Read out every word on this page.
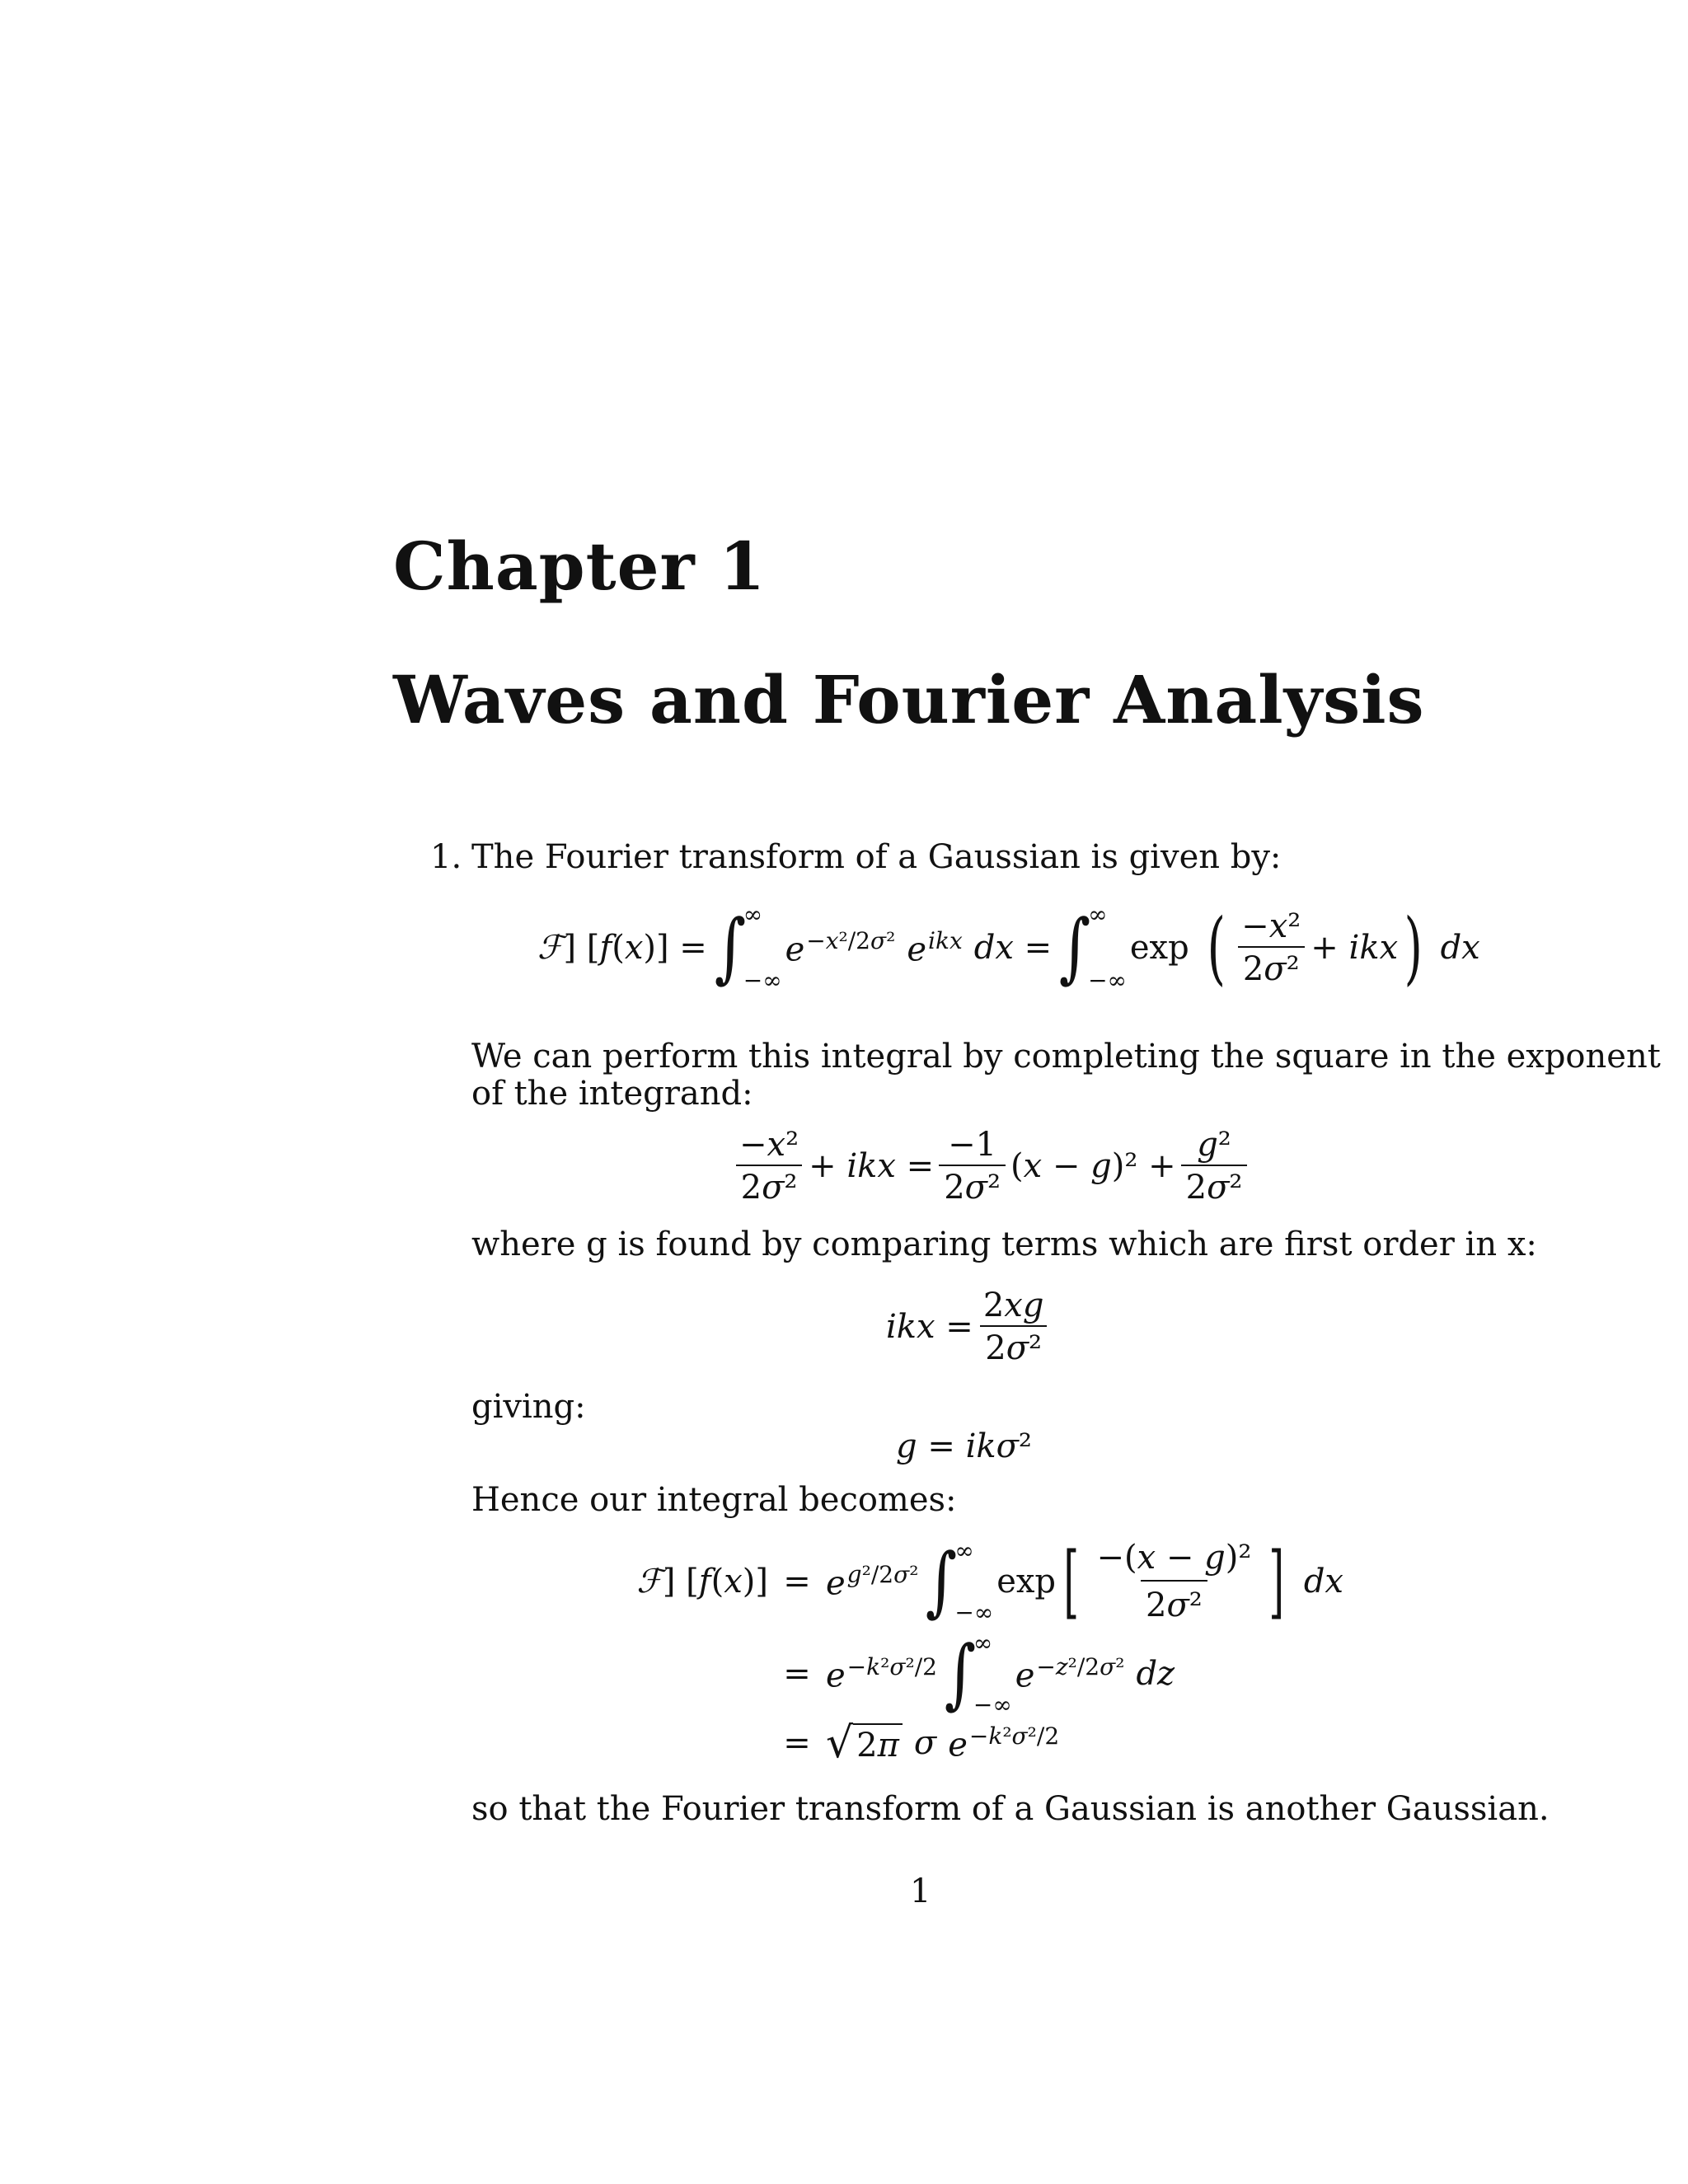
Chapter 1
Waves and Fourier Analysis
1. The Fourier transform of a Gaussian is given by:
ℱ] [f(x)] = ∫
∞
−∞
$e^{-x^2/2\sigma^2}$ $e^{ikx}$ dx = ∫
∞
−∞
exp ( $\frac{\text{−x²}}{\text{2σ²}}$ + ikx ) dx
We can perform this integral by completing the square in the exponent
of the integrand:
$\frac{\text{−x²}}{\text{2σ²}}$ + ikx = $\frac{-1}{\text{2σ²}} (x - g)^2 + \frac{\text{g²}}{\text{2σ²}}$
where g is found by comparing terms which are first order in x:
ikx = $\frac{2xg}{\text{2σ²}}$
giving:
g = ikσ²
Hence our integral becomes:
ℱ] $[f(x)] = e^{g^2/2\sigma^2}$ ∫
∞
−∞
exp [ $\frac{\text{−(x − g)²}}{\text{2σ²}}$ ] dx
= $e^{-k^2\sigma^2/2}$ ∫
∞
−∞
$e^{-z^2/2\sigma^2}$ dz
= √ 2π σ $e^{-k^2\sigma^2/2}$
so that the Fourier transform of a Gaussian is another Gaussian.
1
